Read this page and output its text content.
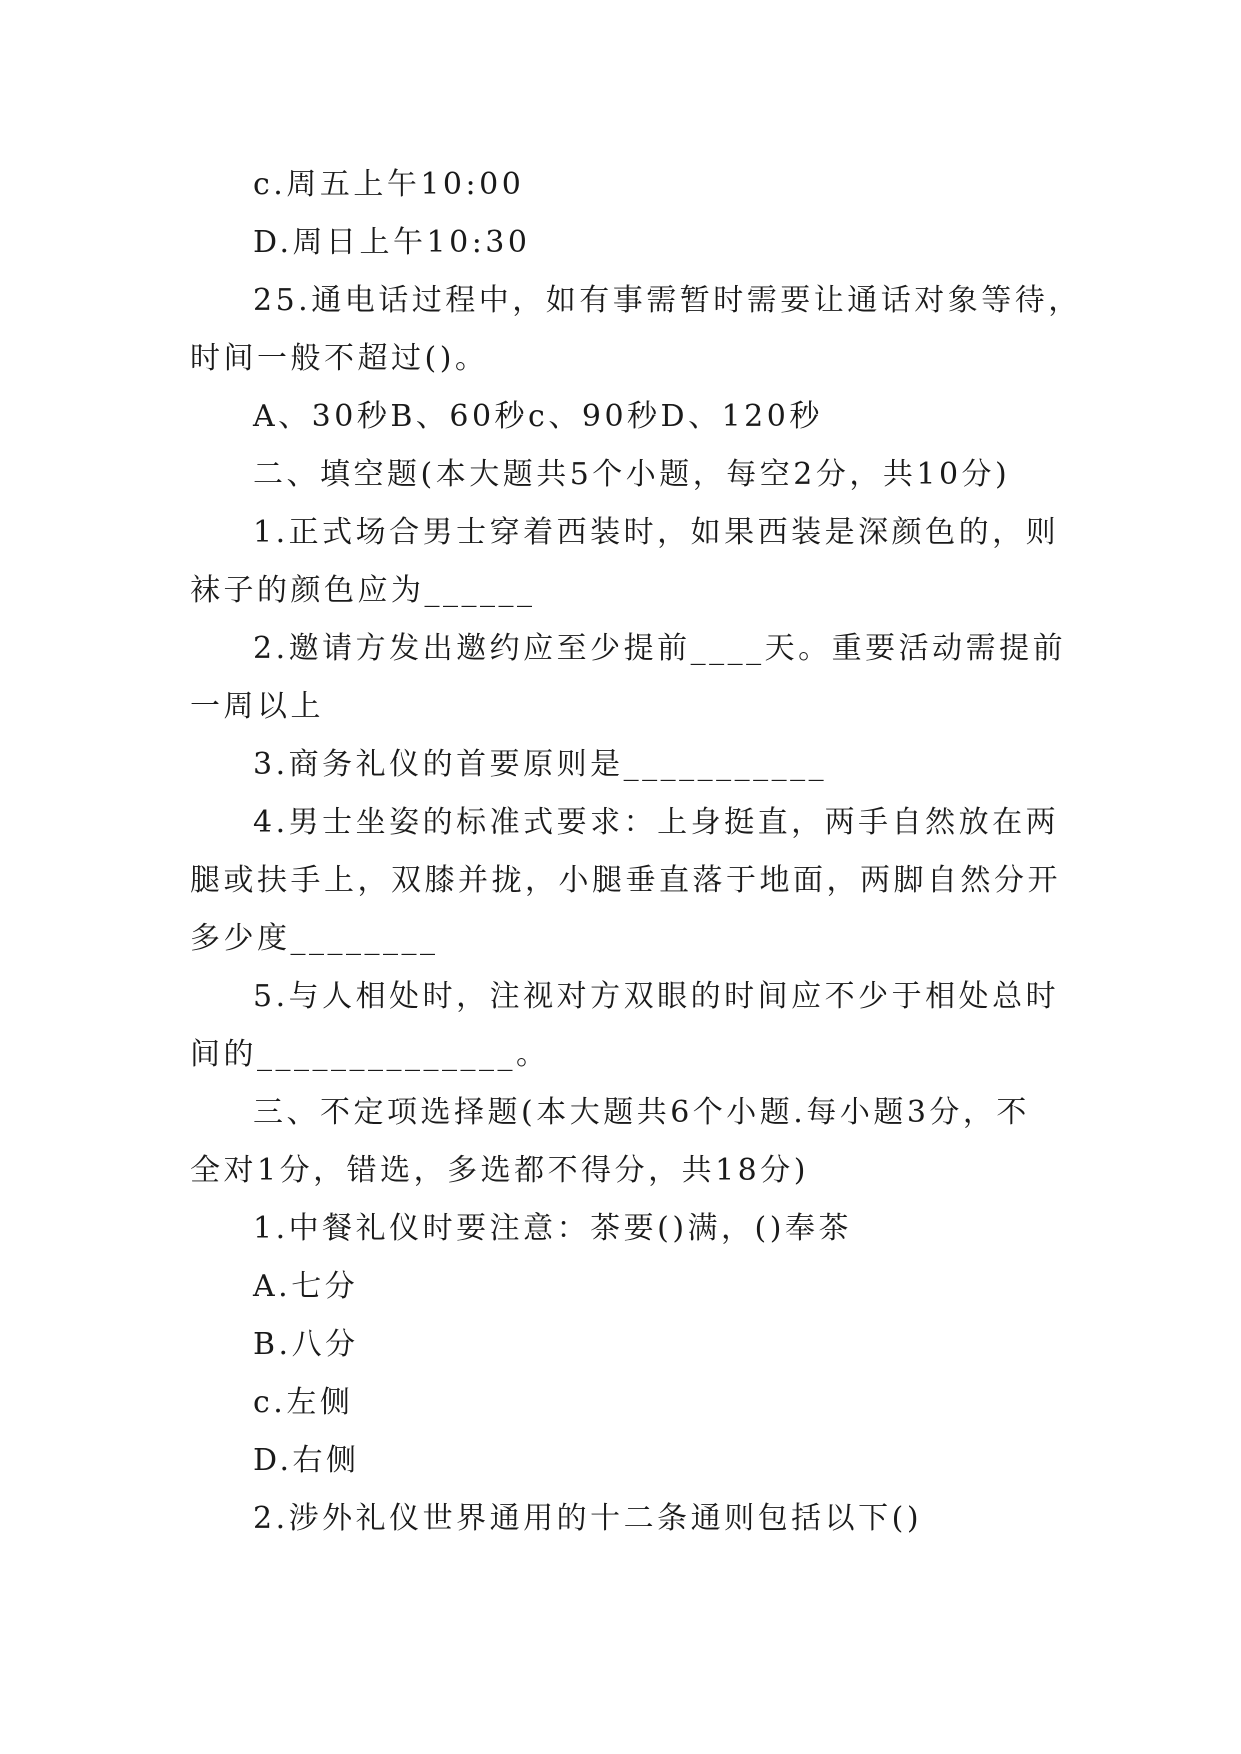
c.周五上午10:00
D.周日上午10:30
25.通电话过程中，如有事需暂时需要让通话对象等待，
时间一般不超过()。
A、30秒B、60秒c、90秒D、120秒
二、填空题(本大题共5个小题，每空2分，共10分)
1.正式场合男士穿着西装时，如果西装是深颜色的，则
袜子的颜色应为______
2.邀请方发出邀约应至少提前____天。重要活动需提前
一周以上
3.商务礼仪的首要原则是___________
4.男士坐姿的标准式要求：上身挺直，两手自然放在两
腿或扶手上，双膝并拢，小腿垂直落于地面，两脚自然分开
多少度________
5.与人相处时，注视对方双眼的时间应不少于相处总时
间的______________。
三、不定项选择题(本大题共6个小题.每小题3分，不
全对1分，错选，多选都不得分，共18分)
1.中餐礼仪时要注意：茶要()满，()奉茶
A.七分
B.八分
c.左侧
D.右侧
2.涉外礼仪世界通用的十二条通则包括以下()
